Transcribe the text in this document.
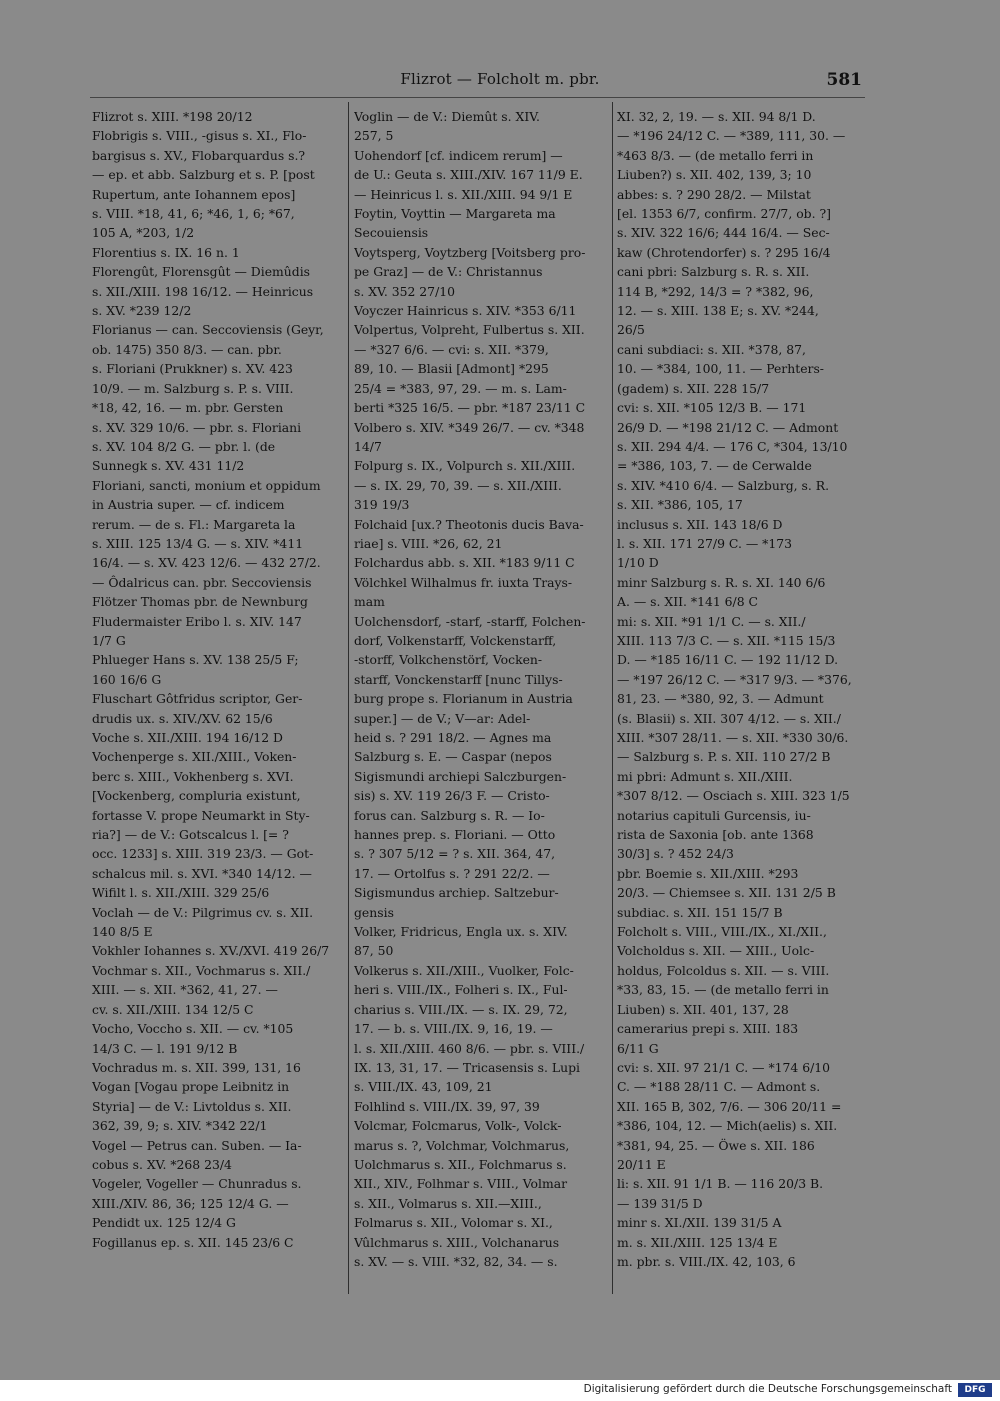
Flizrot — Folcholt m. pbr.	581
Flizrot s. XIII. *198 20/12
Flobrigis s. VIII., -gisus s. XI., Flo-
bargisus s. XV., Flobarquardus s.?
— ep. et abb. Salzburg et s. P. [post
Rupertum, ante Iohannem epos]
s. VIII. *18, 41, 6; *46, 1, 6; *67,
105 A, *203, 1/2
Florentius s. IX. 16 n. 1
Florengût, Florensgût — Diemûdis
s. XII./XIII. 198 16/12. — Heinricus
s. XV. *239 12/2
Florianus — can. Seccoviensis (Geyr,
ob. 1475) 350 8/3. — can. pbr.
s. Floriani (Prukkner) s. XV. 423
10/9. — m. Salzburg s. P. s. VIII.
*18, 42, 16. — m. pbr. Gersten
s. XV. 329 10/6. — pbr. s. Floriani
s. XV. 104 8/2 G. — pbr. l. (de
Sunnegk s. XV. 431 11/2
Floriani, sancti, monium et oppidum
in Austria super. — cf. indicem
rerum. — de s. Fl.: Margareta la
s. XIII. 125 13/4 G. — s. XIV. *411
16/4. — s. XV. 423 12/6. — 432 27/2.
— Ôdalricus can. pbr. Seccoviensis
Flötzer Thomas pbr. de Newnburg
Fludermaister Eribo l. s. XIV. 147
1/7 G
Phlueger Hans s. XV. 138 25/5 F;
160 16/6 G
Fluschart Gôtfridus scriptor, Ger-
drudis ux. s. XIV./XV. 62 15/6
Voche s. XII./XIII. 194 16/12 D
Vochenperge s. XII./XIII., Voken-
berc s. XIII., Vokhenberg s. XVI.
[Vockenberg, compluria existunt,
fortasse V. prope Neumarkt in Sty-
ria?] — de V.: Gotscalcus l. [= ?
occ. 1233] s. XIII. 319 23/3. — Got-
schalcus mil. s. XVI. *340 14/12. —
Wifilt l. s. XII./XIII. 329 25/6
Voclah — de V.: Pilgrimus cv. s. XII.
140 8/5 E
Vokhler Iohannes s. XV./XVI. 419 26/7
Vochmar s. XII., Vochmarus s. XII./
XIII. — s. XII. *362, 41, 27. —
cv. s. XII./XIII. 134 12/5 C
Vocho, Voccho s. XII. — cv. *105
14/3 C. — l. 191 9/12 B
Vochradus m. s. XII. 399, 131, 16
Vogan [Vogau prope Leibnitz in
Styria] — de V.: Livtoldus s. XII.
362, 39, 9; s. XIV. *342 22/1
Vogel — Petrus can. Suben. — Ia-
cobus s. XV. *268 23/4
Vogeler, Vogeller — Chunradus s.
XIII./XIV. 86, 36; 125 12/4 G. —
Pendidt ux. 125 12/4 G
Fogillanus ep. s. XII. 145 23/6 C
Voglin — de V.: Diemût s. XIV.
257, 5
Uohendorf [cf. indicem rerum] —
de U.: Geuta s. XIII./XIV. 167 11/9 E.
— Heinricus l. s. XII./XIII. 94 9/1 E
Foytin, Voyttin — Margareta ma
Secouiensis
Voytsperg, Voytzberg [Voitsberg pro-
pe Graz] — de V.: Christannus
s. XV. 352 27/10
Voyczer Hainricus s. XIV. *353 6/11
Volpertus, Volpreht, Fulbertus s. XII.
— *327 6/6. — cvi: s. XII. *379,
89, 10. — Blasii [Admont] *295
25/4 = *383, 97, 29. — m. s. Lam-
berti *325 16/5. — pbr. *187 23/11 C
Volbero s. XIV. *349 26/7. — cv. *348
14/7
Folpurg s. IX., Volpurch s. XII./XIII.
— s. IX. 29, 70, 39. — s. XII./XIII.
319 19/3
Folchaid [ux.? Theotonis ducis Bava-
riae] s. VIII. *26, 62, 21
Folchardus abb. s. XII. *183 9/11 C
Völchkel Wilhalmus fr. iuxta Trays-
mam
Uolchensdorf, -starf, -starff, Folchen-
dorf, Volkenstarff, Volckenstarff,
-storff, Volkchenstörf, Vocken-
starff, Vonckenstarff [nunc Tillys-
burg prope s. Florianum in Austria
super.] — de V.; V—ar: Adel-
heid s. ? 291 18/2. — Agnes ma
Salzburg s. E. — Caspar (nepos
Sigismundi archiepi Salczburgen-
sis) s. XV. 119 26/3 F. — Cristo-
forus can. Salzburg s. R. — Io-
hannes prep. s. Floriani. — Otto
s. ? 307 5/12 = ? s. XII. 364, 47,
17. — Ortolfus s. ? 291 22/2. —
Sigismundus archiep. Saltzebur-
gensis
Volker, Fridricus, Engla ux. s. XIV.
87, 50
Volkerus s. XII./XIII., Vuolker, Folc-
heri s. VIII./IX., Folheri s. IX., Ful-
charius s. VIII./IX. — s. IX. 29, 72,
17. — b. s. VIII./IX. 9, 16, 19. —
l. s. XII./XIII. 460 8/6. — pbr. s. VIII./
IX. 13, 31, 17. — Tricasensis s. Lupi
s. VIII./IX. 43, 109, 21
Folhlind s. VIII./IX. 39, 97, 39
Volcmar, Folcmarus, Volk-, Volck-
marus s. ?, Volchmar, Volchmarus,
Uolchmarus s. XII., Folchmarus s.
XII., XIV., Folhmar s. VIII., Volmar
s. XII., Volmarus s. XII.—XIII.,
Folmarus s. XII., Volomar s. XI.,
Vûlchmarus s. XIII., Volchanarus
s. XV. — s. VIII. *32, 82, 34. — s.
XI. 32, 2, 19. — s. XII. 94 8/1 D.
— *196 24/12 C. — *389, 111, 30. —
*463 8/3. — (de metallo ferri in
Liuben?) s. XII. 402, 139, 3; 10
abbes: s. ? 290 28/2. — Milstat
[el. 1353 6/7, confirm. 27/7, ob. ?]
s. XIV. 322 16/6; 444 16/4. — Sec-
kaw (Chrotendorfer) s. ? 295 16/4
cani pbri: Salzburg s. R. s. XII.
114 B, *292, 14/3 = ? *382, 96,
12. — s. XIII. 138 E; s. XV. *244,
26/5
cani subdiaci: s. XII. *378, 87,
10. — *384, 100, 11. — Perhters-
(gadem) s. XII. 228 15/7
cvi: s. XII. *105 12/3 B. — 171
26/9 D. — *198 21/12 C. — Admont
s. XII. 294 4/4. — 176 C, *304, 13/10
= *386, 103, 7. — de Cerwalde
s. XIV. *410 6/4. — Salzburg, s. R.
s. XII. *386, 105, 17
inclusus s. XII. 143 18/6 D
l. s. XII. 171 27/9 C. — *173
1/10 D
minr Salzburg s. R. s. XI. 140 6/6
A. — s. XII. *141 6/8 C
mi: s. XII. *91 1/1 C. — s. XII./
XIII. 113 7/3 C. — s. XII. *115 15/3
D. — *185 16/11 C. — 192 11/12 D.
— *197 26/12 C. — *317 9/3. — *376,
81, 23. — *380, 92, 3. — Admunt
(s. Blasii) s. XII. 307 4/12. — s. XII./
XIII. *307 28/11. — s. XII. *330 30/6.
— Salzburg s. P. s. XII. 110 27/2 B
mi pbri: Admunt s. XII./XIII.
*307 8/12. — Osciach s. XIII. 323 1/5
notarius capituli Gurcensis, iu-
rista de Saxonia [ob. ante 1368
30/3] s. ? 452 24/3
pbr. Boemie s. XII./XIII. *293
20/3. — Chiemsee s. XII. 131 2/5 B
subdiac. s. XII. 151 15/7 B
Folcholt s. VIII., VIII./IX., XI./XII.,
Volcholdus s. XII. — XIII., Uolc-
holdus, Folcoldus s. XII. — s. VIII.
*33, 83, 15. — (de metallo ferri in
Liuben) s. XII. 401, 137, 28
camerarius prepi s. XIII. 183
6/11 G
cvi: s. XII. 97 21/1 C. — *174 6/10
C. — *188 28/11 C. — Admont s.
XII. 165 B, 302, 7/6. — 306 20/11 =
*386, 104, 12. — Mich(aelis) s. XII.
*381, 94, 25. — Öwe s. XII. 186
20/11 E
li: s. XII. 91 1/1 B. — 116 20/3 B.
— 139 31/5 D
minr s. XI./XII. 139 31/5 A
m. s. XII./XIII. 125 13/4 E
m. pbr. s. VIII./IX. 42, 103, 6
Digitalisierung gefördert durch die Deutsche Forschungsgemeinschaft	DFG
